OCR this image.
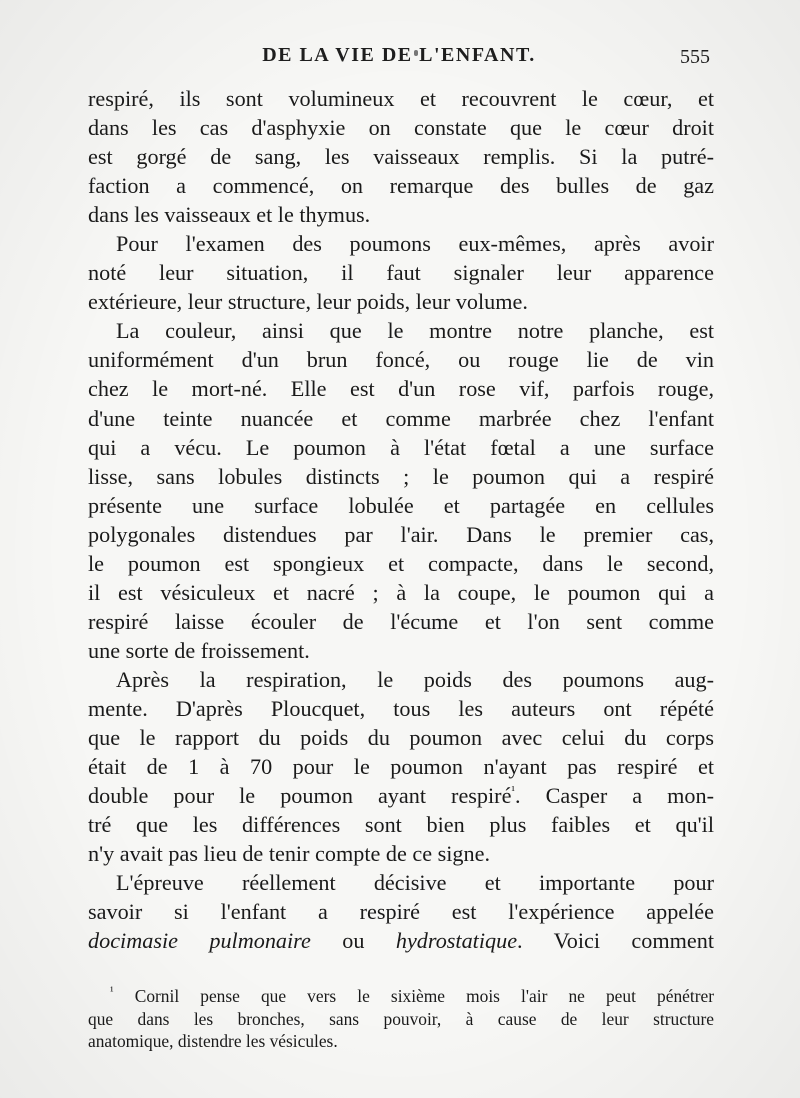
DE LA VIE DE L'ENFANT.	555

respiré, ils sont volumineux et recouvrent le cœur, et
dans les cas d'asphyxie on constate que le cœur droit
est gorgé de sang, les vaisseaux remplis. Si la putré-
faction a commencé, on remarque des bulles de gaz
dans les vaisseaux et le thymus.

Pour l'examen des poumons eux-mêmes, après avoir
noté leur situation, il faut signaler leur apparence
extérieure, leur structure, leur poids, leur volume.

La couleur, ainsi que le montre notre planche, est
uniformément d'un brun foncé, ou rouge lie de vin
chez le mort-né. Elle est d'un rose vif, parfois rouge,
d'une teinte nuancée et comme marbrée chez l'enfant
qui a vécu. Le poumon à l'état fœtal a une surface
lisse, sans lobules distincts ; le poumon qui a respiré
présente une surface lobulée et partagée en cellules
polygonales distendues par l'air. Dans le premier cas,
le poumon est spongieux et compacte, dans le second,
il est vésiculeux et nacré ; à la coupe, le poumon qui a
respiré laisse écouler de l'écume et l'on sent comme
une sorte de froissement.

Après la respiration, le poids des poumons aug-
mente. D'après Ploucquet, tous les auteurs ont répété
que le rapport du poids du poumon avec celui du corps
était de 1 à 70 pour le poumon n'ayant pas respiré et
double pour le poumon ayant respiré$^{^1}$. Casper a mon-
tré que les différences sont bien plus faibles et qu'il
n'y avait pas lieu de tenir compte de ce signe.

L'épreuve réellement décisive et importante pour
savoir si l'enfant a respiré est l'expérience appelée
docimasie pulmonaire ou hydrostatique. Voici comment

$^{^1}$ Cornil pense que vers le sixième mois l'air ne peut pénétrer
que dans les bronches, sans pouvoir, à cause de leur structure
anatomique, distendre les vésicules.
